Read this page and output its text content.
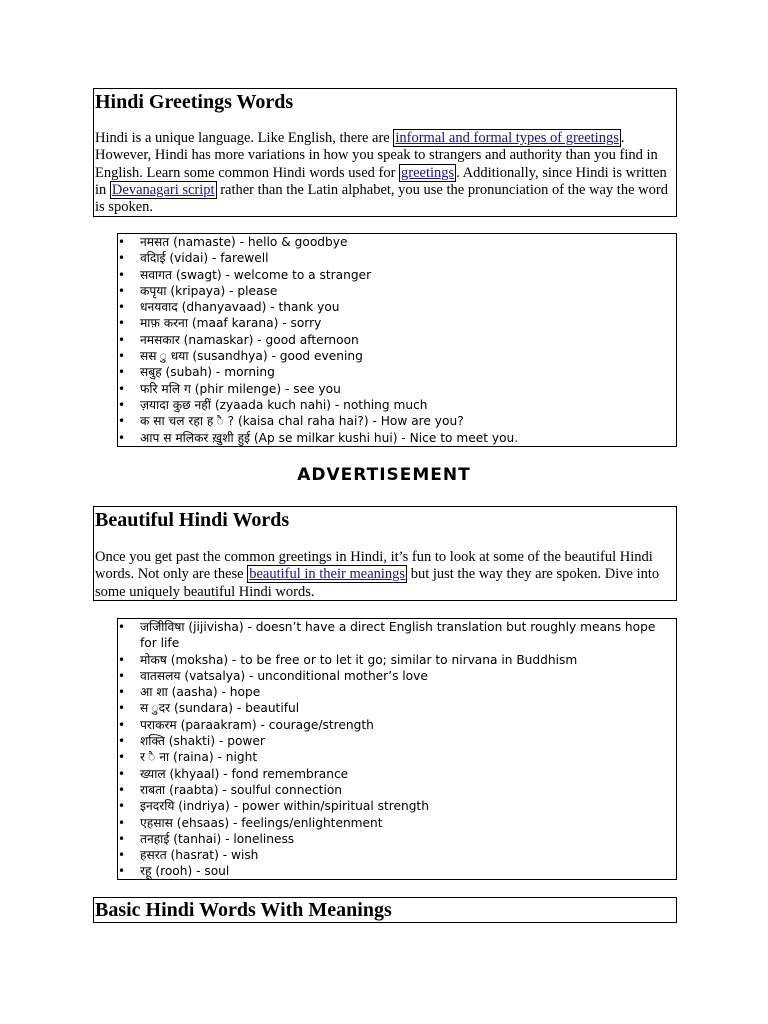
Hindi Greetings Words

Hindi is a unique language. Like English, there are informal and formal types of greetings . However, Hindi has more variations in how you speak to strangers and authority than you find in English. Learn some common Hindi words used for greetings . Additionally, since Hindi is written in Devanagari script rather than the Latin alphabet, you use the pronunciation of the way the word is spoken.

• नमसत (namaste) - hello & goodbye
• वदिाई (vidai) - farewell
• सवागत (swagt) - welcome to a stranger
• कपृया (kripaya) - please
• धनयवाद (dhanyavaad) - thank you
• माफ़ करना (maaf karana) - sorry
• नमसकार (namaskar) - good afternoon
• सस ु धया (susandhya) - good evening
• सबुह (subah) - morning
• फरि मलि ग (phir milenge) - see you
• ज़यादा कुछ नहीं (zyaada kuch nahi) - nothing much
• क सा चल रहा ह ै ? (kaisa chal raha hai?) - How are you?
• आप स मलिकर ख़ुशी हुई (Ap se milkar kushi hui) - Nice to meet you.
ADVERTISEMENT
Beautiful Hindi Words

Once you get past the common greetings in Hindi, it’s fun to look at some of the beautiful Hindi words. Not only are these beautiful in their meanings but just the way they are spoken. Dive into some uniquely beautiful Hindi words.

• जजिीविषा (jijivisha) - doesn’t have a direct English translation but roughly means hope for life
• मोकष (moksha) - to be free or to let it go; similar to nirvana in Buddhism
• वातसलय (vatsalya) - unconditional mother’s love
• आ शा (aasha) - hope
• स ुदर (sundara) - beautiful
• पराकरम (paraakram) - courage/strength
• शक्ति (shakti) - power
• र ै ना (raina) - night
• ख्याल (khyaal) - fond remembrance
• राबता (raabta) - soulful connection
• इनदरयि (indriya) - power within/spiritual strength
• एहसास (ehsaas) - feelings/enlightenment
• तनहाई (tanhai) - loneliness
• हसरत (hasrat) - wish
• रहू (rooh) - soul
Basic Hindi Words With Meanings
